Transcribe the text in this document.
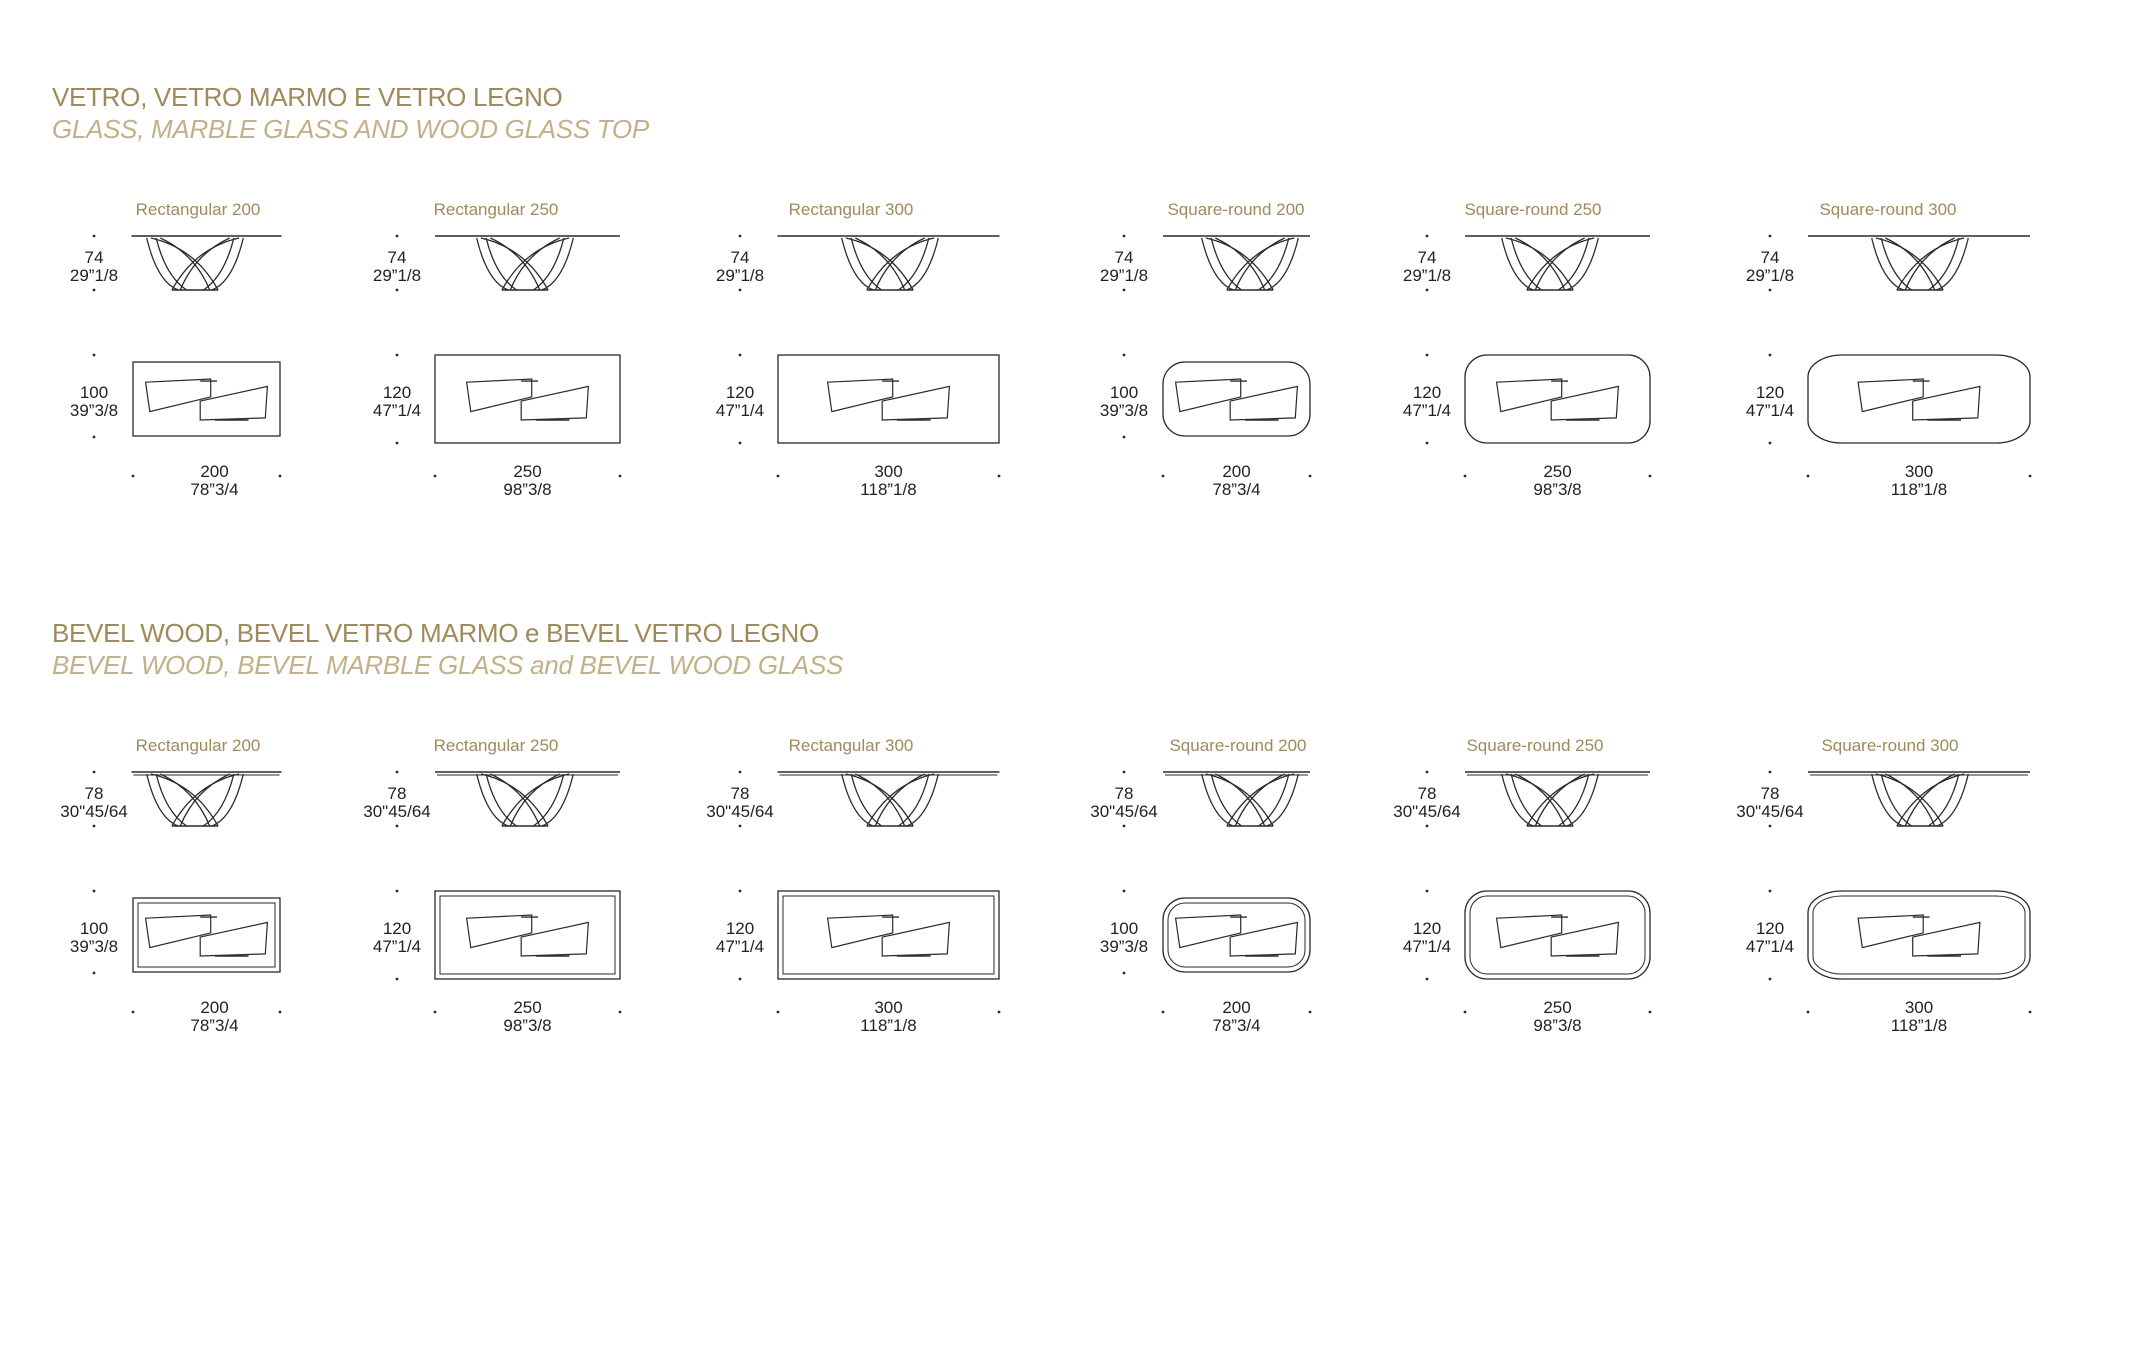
VETRO, VETRO MARMO E VETRO LEGNO
GLASS, MARBLE GLASS AND WOOD GLASS TOP
BEVEL WOOD, BEVEL VETRO MARMO e BEVEL VETRO LEGNO
BEVEL WOOD, BEVEL MARBLE GLASS and BEVEL WOOD GLASS
Rectangular 200
74
29”1/8
100
39”3/8
200
78”3/4
Rectangular 250
74
29”1/8
120
47”1/4
250
98”3/8
Rectangular 300
74
29”1/8
120
47”1/4
300
118”1/8
Square-round 200
74
29”1/8
100
39”3/8
200
78”3/4
Square-round 250
74
29”1/8
120
47”1/4
250
98”3/8
Square-round 300
74
29”1/8
120
47”1/4
300
118”1/8
Rectangular 200
78
30"45/64
100
39”3/8
200
78”3/4
Rectangular 250
78
30"45/64
120
47”1/4
250
98”3/8
Rectangular 300
78
30"45/64
120
47”1/4
300
118”1/8
Square-round 200
78
30"45/64
100
39”3/8
200
78”3/4
Square-round 250
78
30"45/64
120
47”1/4
250
98”3/8
Square-round 300
78
30"45/64
120
47”1/4
300
118”1/8
